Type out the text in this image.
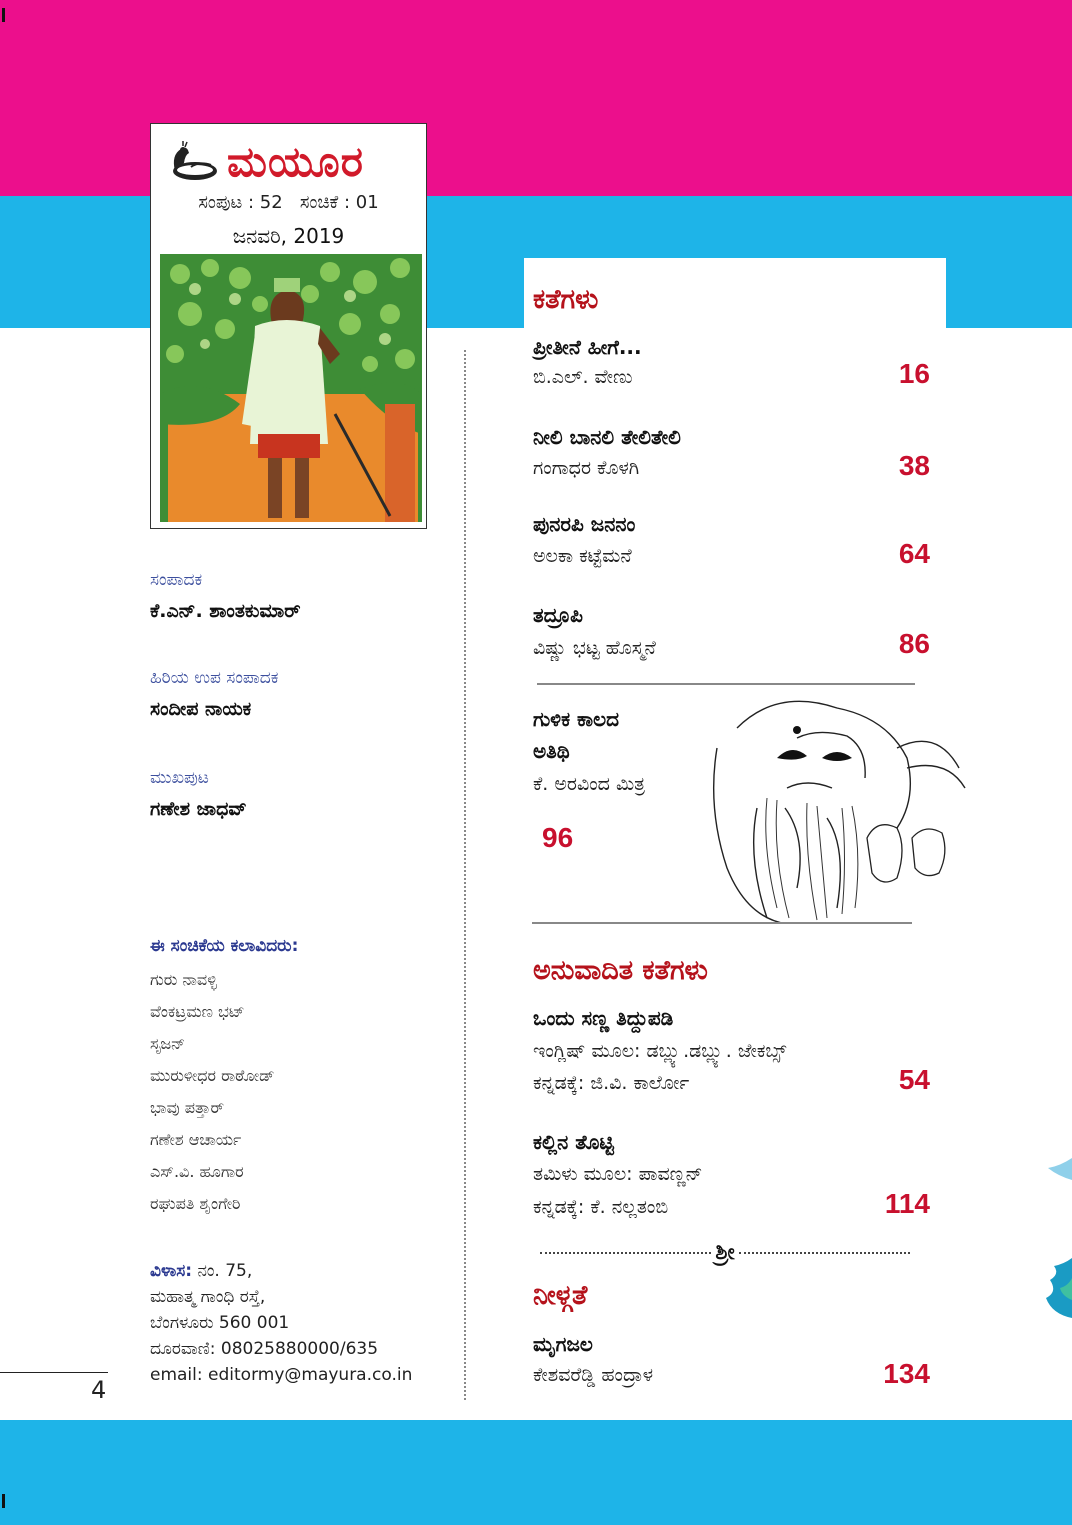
ಮಯೂರ
ಸಂಪುಟ : 52   ಸಂಚಿಕೆ : 01
ಜನವರಿ, 2019
ಸಂಪಾದಕ
ಕೆ.ಎನ್. ಶಾಂತಕುಮಾರ್
ಹಿರಿಯ ಉಪ ಸಂಪಾದಕ
ಸಂದೀಪ ನಾಯಕ
ಮುಖಪುಟ
ಗಣೇಶ ಜಾಧವ್
ಈ ಸಂಚಿಕೆಯ ಕಲಾವಿದರು:
ಗುರು ನಾವಳ್ಳಿ
ವೆಂಕಟ್ರಮಣ ಭಟ್
ಸೃಜನ್
ಮುರುಳೀಧರ ರಾಠೋಡ್
ಭಾವು ಪತ್ತಾರ್
ಗಣೇಶ ಆಚಾರ್ಯ
ಎಸ್.ವಿ. ಹೂಗಾರ
ರಘುಪತಿ ಶೃಂಗೇರಿ
ವಿಳಾಸ: ನಂ. 75,
ಮಹಾತ್ಮ ಗಾಂಧಿ ರಸ್ತೆ,
ಬೆಂಗಳೂರು 560 001
ದೂರವಾಣಿ: 08025880000/635
email: editormy@mayura.co.in
4
ಕತೆಗಳು
ಪ್ರೀತೀನೆ ಹೀಗೆ...
ಬಿ.ಎಲ್. ವೇಣು	16
ನೀಲಿ ಬಾನಲಿ ತೇಲಿತೇಲಿ
ಗಂಗಾಧರ ಕೊಳಗಿ	38
ಪುನರಪಿ ಜನನಂ
ಅಲಕಾ ಕಟ್ಟೆಮನೆ	64
ತದ್ರೂಪಿ
ವಿಷ್ಣು ಭಟ್ಟ ಹೊಸ್ಮನೆ	86
ಗುಳಿಕ ಕಾಲದ
ಅತಿಥಿ
ಕೆ. ಅರವಿಂದ ಮಿತ್ರ
96
ಅನುವಾದಿತ ಕತೆಗಳು
ಒಂದು ಸಣ್ಣ ತಿದ್ದುಪಡಿ
ಇಂಗ್ಲಿಷ್ ಮೂಲ: ಡಬ್ಲ್ಯು.ಡಬ್ಲ್ಯು. ಜೇಕಬ್ಸ್
ಕನ್ನಡಕ್ಕೆ: ಜಿ.ವಿ. ಕಾರ್ಲೋ	54
ಕಲ್ಲಿನ ತೊಟ್ಟಿ
ತಮಿಳು ಮೂಲ: ಪಾವಣ್ಣನ್
ಕನ್ನಡಕ್ಕೆ: ಕೆ. ನಲ್ಲತಂಬಿ	114
ಶ್ರೀ
ನೀಳ್ಗತೆ
ಮೃಗಜಲ
ಕೇಶವರೆಡ್ಡಿ ಹಂದ್ರಾಳ	134
